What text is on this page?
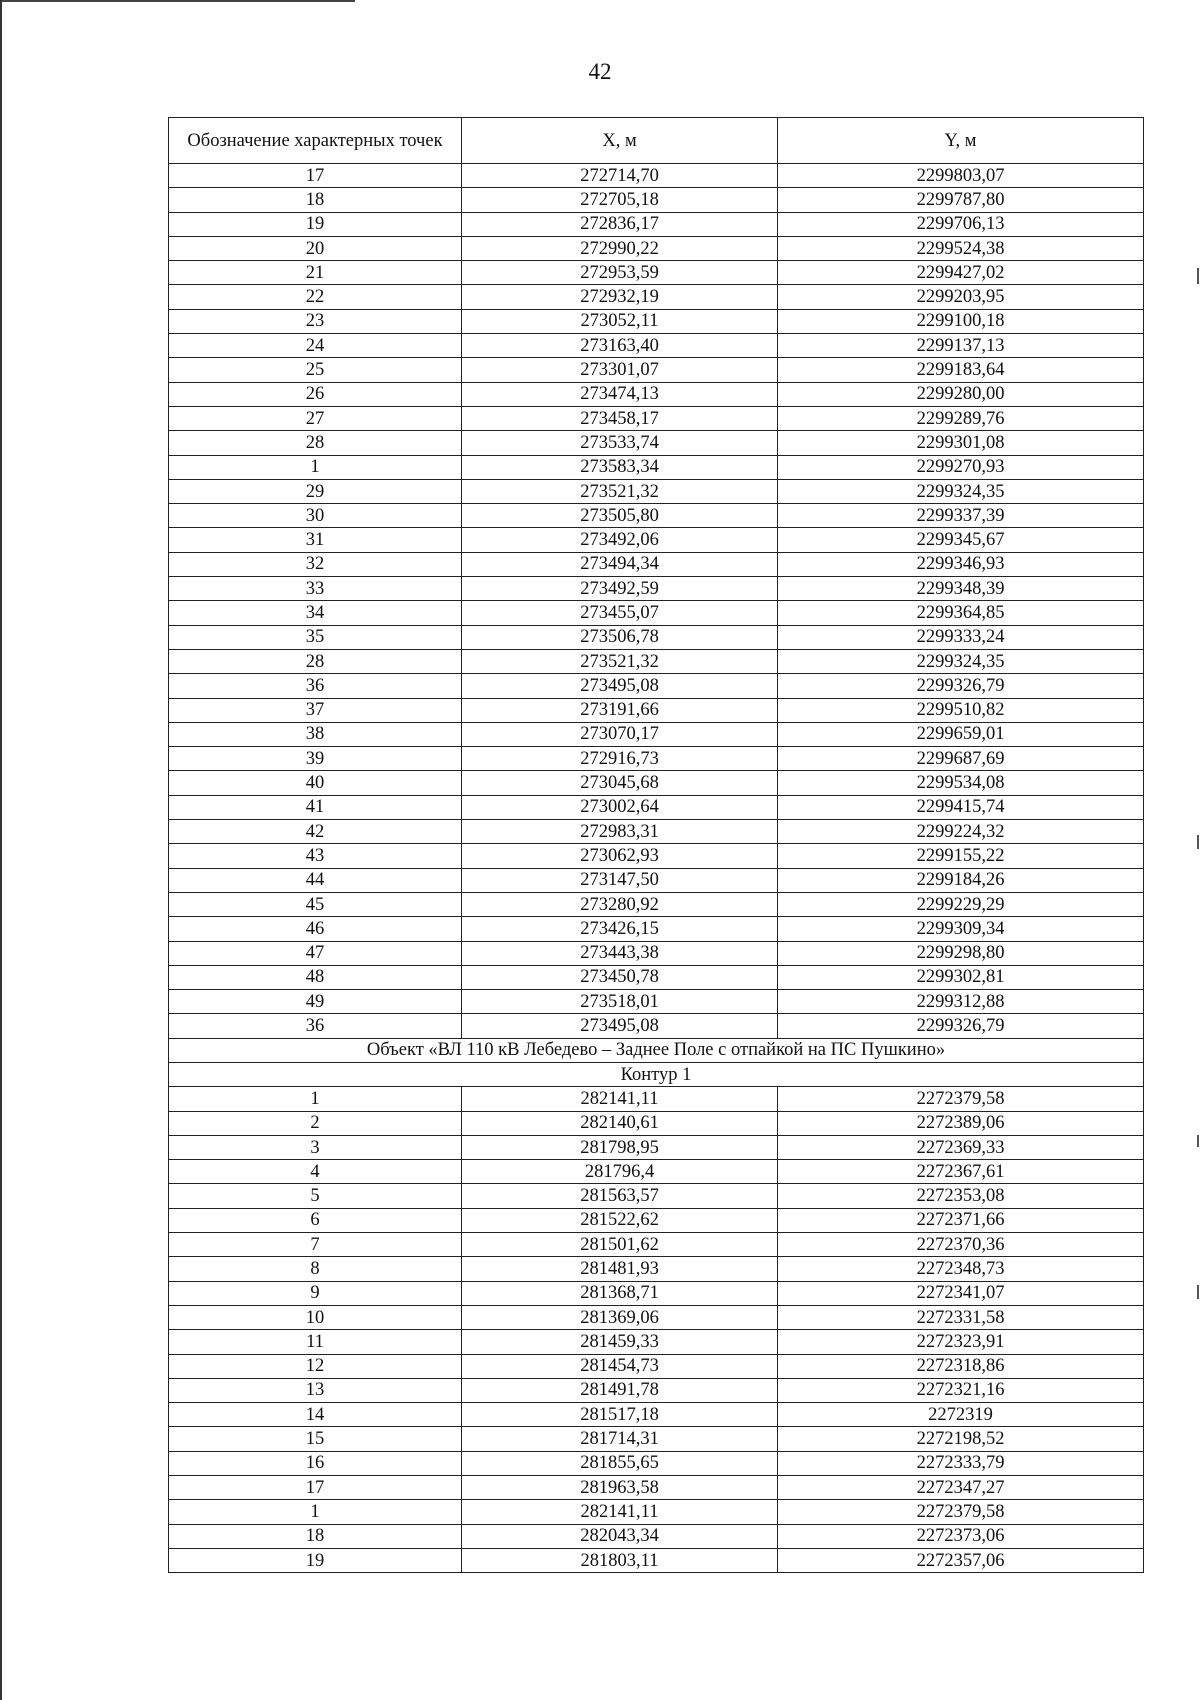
42
Обозначение характерных точек	X, м	Y, м
17	272714,70	2299803,07
18	272705,18	2299787,80
19	272836,17	2299706,13
20	272990,22	2299524,38
21	272953,59	2299427,02
22	272932,19	2299203,95
23	273052,11	2299100,18
24	273163,40	2299137,13
25	273301,07	2299183,64
26	273474,13	2299280,00
27	273458,17	2299289,76
28	273533,74	2299301,08
1	273583,34	2299270,93
29	273521,32	2299324,35
30	273505,80	2299337,39
31	273492,06	2299345,67
32	273494,34	2299346,93
33	273492,59	2299348,39
34	273455,07	2299364,85
35	273506,78	2299333,24
28	273521,32	2299324,35
36	273495,08	2299326,79
37	273191,66	2299510,82
38	273070,17	2299659,01
39	272916,73	2299687,69
40	273045,68	2299534,08
41	273002,64	2299415,74
42	272983,31	2299224,32
43	273062,93	2299155,22
44	273147,50	2299184,26
45	273280,92	2299229,29
46	273426,15	2299309,34
47	273443,38	2299298,80
48	273450,78	2299302,81
49	273518,01	2299312,88
36	273495,08	2299326,79
Объект «ВЛ 110 кВ Лебедево – Заднее Поле с отпайкой на ПС Пушкино»		
Контур 1		
1	282141,11	2272379,58
2	282140,61	2272389,06
3	281798,95	2272369,33
4	281796,4	2272367,61
5	281563,57	2272353,08
6	281522,62	2272371,66
7	281501,62	2272370,36
8	281481,93	2272348,73
9	281368,71	2272341,07
10	281369,06	2272331,58
11	281459,33	2272323,91
12	281454,73	2272318,86
13	281491,78	2272321,16
14	281517,18	2272319
15	281714,31	2272198,52
16	281855,65	2272333,79
17	281963,58	2272347,27
1	282141,11	2272379,58
18	282043,34	2272373,06
19	281803,11	2272357,06
